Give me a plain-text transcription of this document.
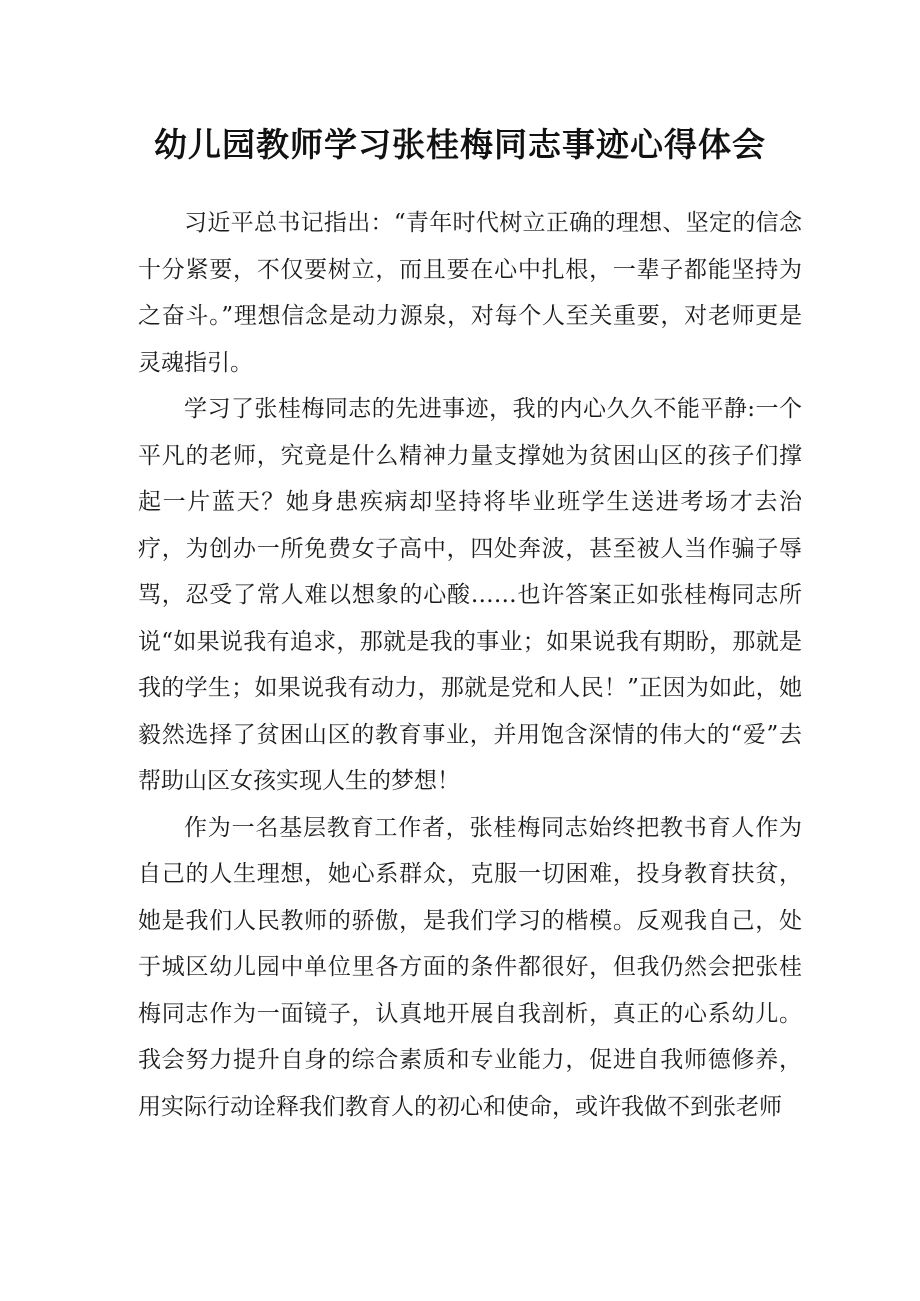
幼儿园教师学习张桂梅同志事迹心得体会

习近平总书记指出：“青年时代树立正确的理想、坚定的信念十分紧要，不仅要树立，而且要在心中扎根，一辈子都能坚持为之奋斗。”理想信念是动力源泉，对每个人至关重要，对老师更是灵魂指引。

学习了张桂梅同志的先进事迹，我的内心久久不能平静:一个平凡的老师，究竟是什么精神力量支撑她为贫困山区的孩子们撑起一片蓝天？她身患疾病却坚持将毕业班学生送进考场才去治疗，为创办一所免费女子高中，四处奔波，甚至被人当作骗子辱骂，忍受了常人难以想象的心酸……也许答案正如张桂梅同志所说“如果说我有追求，那就是我的事业；如果说我有期盼，那就是我的学生；如果说我有动力，那就是党和人民！”正因为如此，她毅然选择了贫困山区的教育事业，并用饱含深情的伟大的“爱”去帮助山区女孩实现人生的梦想！

作为一名基层教育工作者，张桂梅同志始终把教书育人作为自己的人生理想，她心系群众，克服一切困难，投身教育扶贫，她是我们人民教师的骄傲，是我们学习的楷模。反观我自己，处于城区幼儿园中单位里各方面的条件都很好，但我仍然会把张桂梅同志作为一面镜子，认真地开展自我剖析，真正的心系幼儿。我会努力提升自身的综合素质和专业能力，促进自我师德修养，用实际行动诠释我们教育人的初心和使命，或许我做不到张老师
